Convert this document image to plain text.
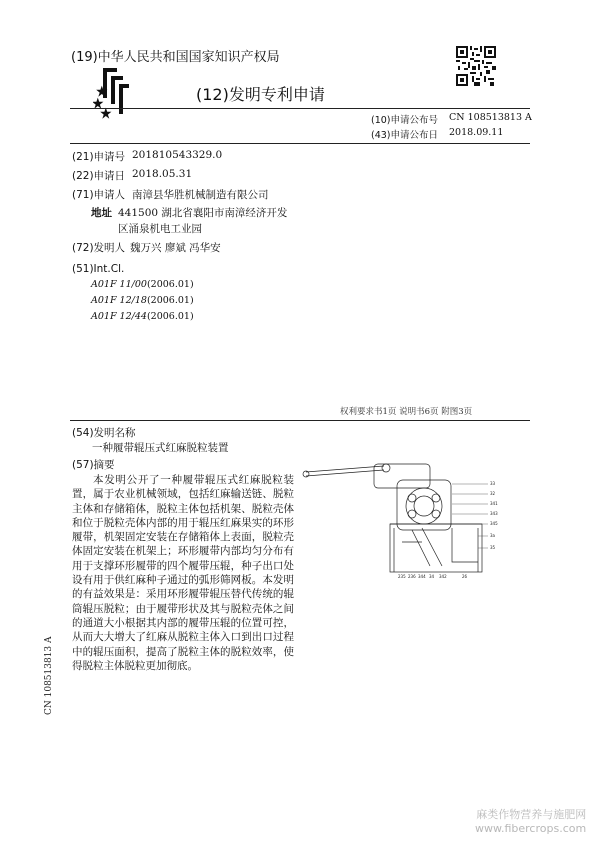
(19)中华人民共和国国家知识产权局
(12)发明专利申请
(10)申请公布号 CN 108513813 A
(43)申请公布日 2018.09.11
(21)申请号 201810543329.0
(22)申请日 2018.05.31
(71)申请人 南漳县华胜机械制造有限公司
地址 441500 湖北省襄阳市南漳经济开发
区涌泉机电工业园
(72)发明人 魏万兴 廖斌 冯华安
(51)Int.Cl.
A01F 11/00(2006.01)
A01F 12/18(2006.01)
A01F 12/44(2006.01)
权利要求书1页 说明书6页 附图3页
(54)发明名称
一种履带辊压式红麻脱粒装置
(57)摘要
本发明公开了一种履带辊压式红麻脱粒装置，属于农业机械领域，包括红麻输送链、脱粒主体和存储箱体，脱粒主体包括机架、脱粒壳体和位于脱粒壳体内部的用于辊压红麻果实的环形履带，机架固定安装在存储箱体上表面，脱粒壳体固定安装在机架上；环形履带内部均匀分布有用于支撑环形履带的四个履带压辊，种子出口处设有用于供红麻种子通过的弧形筛网板。本发明的有益效果是：采用环形履带辊压替代传统的辊筒辊压脱粒；由于履带形状及其与脱粒壳体之间的通道大小根据其内部的履带压辊的位置可控，从而大大增大了红麻从脱粒主体入口到出口过程中的辊压面积，提高了脱粒主体的脱粒效率，使得脱粒主体脱粒更加彻底。
235 236 344 34 342
33
32
341
343
345
3a
35
26
CN 108513813 A
麻类作物营养与施肥网
www.fibercrops.com
